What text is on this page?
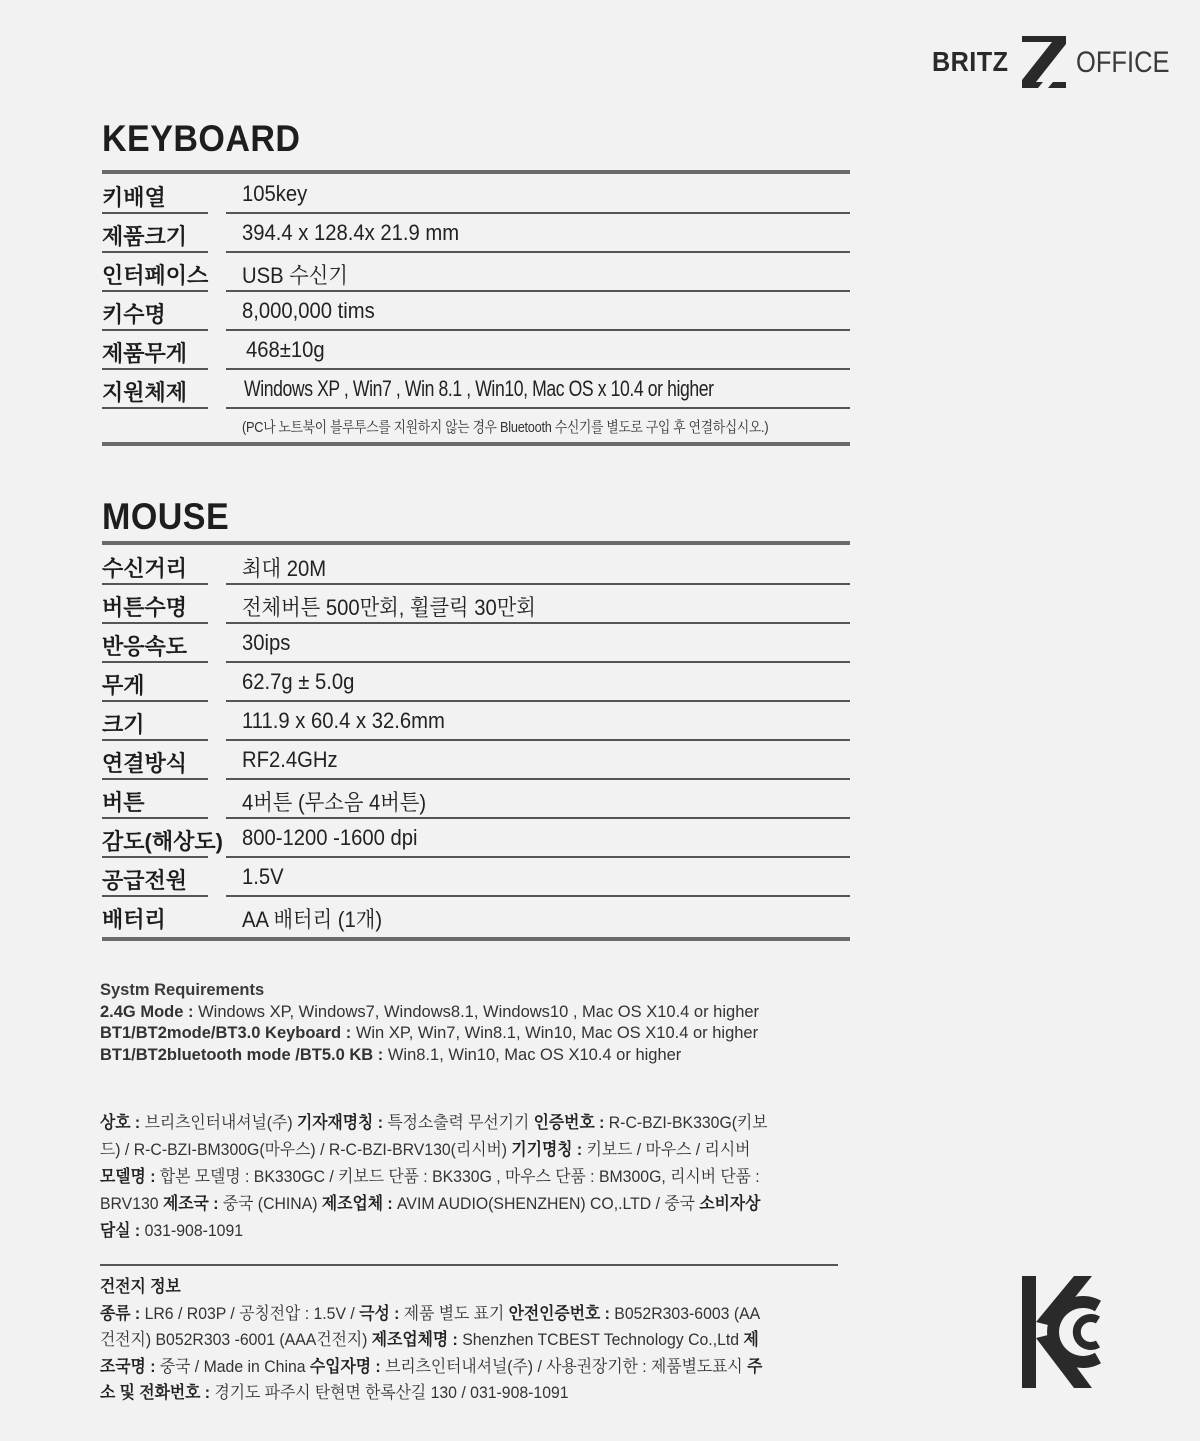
BRITZ OFFICE
KEYBOARD
키배열	105key
제품크기 394.4 x 128.4x 21.9 mm
인터페이스 USB 수신기
키수명	8,000,000 tims
제품무게	468±10g
지원체제	Windows XP , Win7 , Win 8.1 , Win10, Mac OS x 10.4 or higher
(PC나 노트북이 블루투스를 지원하지 않는 경우 Bluetooth 수신기를 별도로 구입 후 연결하십시오.)
MOUSE
수신거리 최대 20M
버튼수명 전체버튼 500만회, 휠클릭 30만회
반응속도 30ips
무게	62.7g ± 5.0g
크기	111.9 x 60.4 x 32.6mm
연결방식 RF2.4GHz
버튼	4버튼 (무소음 4버튼)
감도(해상도) 800-1200 -1600 dpi
공급전원 1.5V
배터리	AA 배터리 (1개)
Systm Requirements
2.4G Mode : Windows XP, Windows7, Windows8.1, Windows10 , Mac OS X10.4 or higher
BT1/BT2mode/BT3.0 Keyboard : Win XP, Win7, Win8.1, Win10, Mac OS X10.4 or higher
BT1/BT2bluetooth mode /BT5.0 KB : Win8.1, Win10, Mac OS X10.4 or higher
상호 : 브리츠인터내셔널(주) 기자재명칭 : 특정소출력 무선기기 인증번호 : R-C-BZI-BK330G(키보드) / R-C-BZI-BM300G(마우스) / R-C-BZI-BRV130(리시버) 기기명칭 : 키보드 / 마우스 / 리시버 모델명 : 합본 모델명 : BK330GC / 키보드 단품 : BK330G , 마우스 단품 : BM300G, 리시버 단품 : BRV130 제조국 : 중국 (CHINA) 제조업체 : AVIM AUDIO(SHENZHEN) CO,.LTD / 중국 소비자상담실 : 031-908-1091
건전지 정보
종류 : LR6 / R03P / 공칭전압 : 1.5V / 극성 : 제품 별도 표기 안전인증번호 : B052R303-6003 (AA건전지) B052R303 -6001 (AAA건전지) 제조업체명 : Shenzhen TCBEST Technology Co.,Ltd 제조국명 : 중국 / Made in China 수입자명 : 브리츠인터내셔널(주) / 사용권장기한 : 제품별도표시 주소 및 전화번호 : 경기도 파주시 탄현면 한록산길 130 / 031-908-1091
